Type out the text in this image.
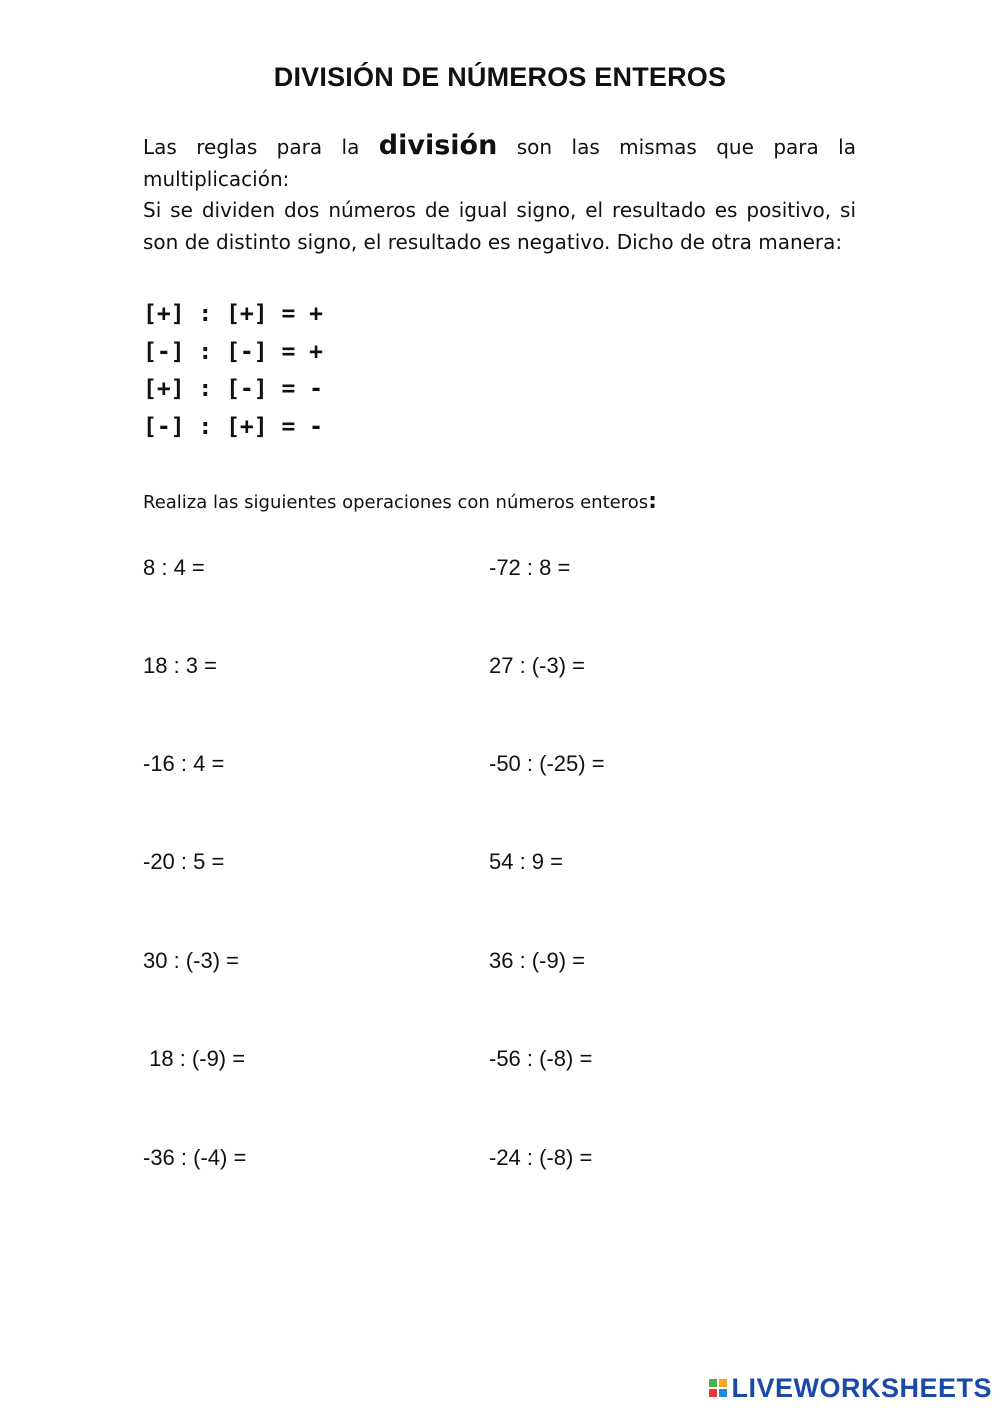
DIVISIÓN DE NÚMEROS ENTEROS

Las reglas para la división son las mismas que para la

multiplicación:

Si se dividen dos números de igual signo, el resultado es positivo, si son de distinto signo, el resultado es negativo. Dicho de otra manera:

[+] : [+] = +
[-] : [-] = +
[+] : [-] = -
[-] : [+] = -
Realiza las siguientes operaciones con números enteros:
8 : 4 =	-72 : 8 =
18 : 3 =	27 : (-3) =
-16 : 4 =	-50 : (-25) =
-20 : 5 =	54 : 9 =
30 : (-3) =	36 : (-9) =
18 : (-9) =	-56 : (-8) =
-36 : (-4) =	-24 : (-8) =
LIVEWORKSHEETS
